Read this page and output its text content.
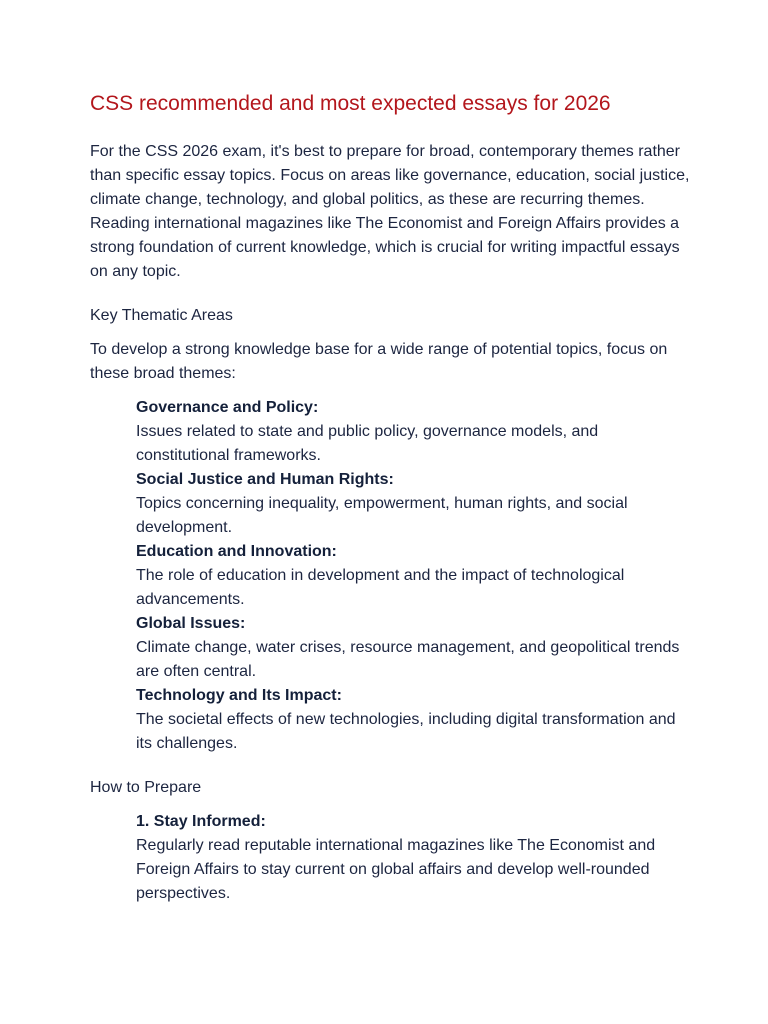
CSS recommended and most expected essays for 2026

For the CSS 2026 exam, it's best to prepare for broad, contemporary themes rather than specific essay topics. Focus on areas like governance, education, social justice, climate change, technology, and global politics, as these are recurring themes. Reading international magazines like The Economist and Foreign Affairs provides a strong foundation of current knowledge, which is crucial for writing impactful essays on any topic.

Key Thematic Areas

To develop a strong knowledge base for a wide range of potential topics, focus on these broad themes:

Governance and Policy:
Issues related to state and public policy, governance models, and constitutional frameworks.
Social Justice and Human Rights:
Topics concerning inequality, empowerment, human rights, and social development.
Education and Innovation:
The role of education in development and the impact of technological advancements.
Global Issues:
Climate change, water crises, resource management, and geopolitical trends are often central.
Technology and Its Impact:
The societal effects of new technologies, including digital transformation and its challenges.
How to Prepare
1. Stay Informed:
Regularly read reputable international magazines like The Economist and Foreign Affairs to stay current on global affairs and develop well-rounded perspectives.
